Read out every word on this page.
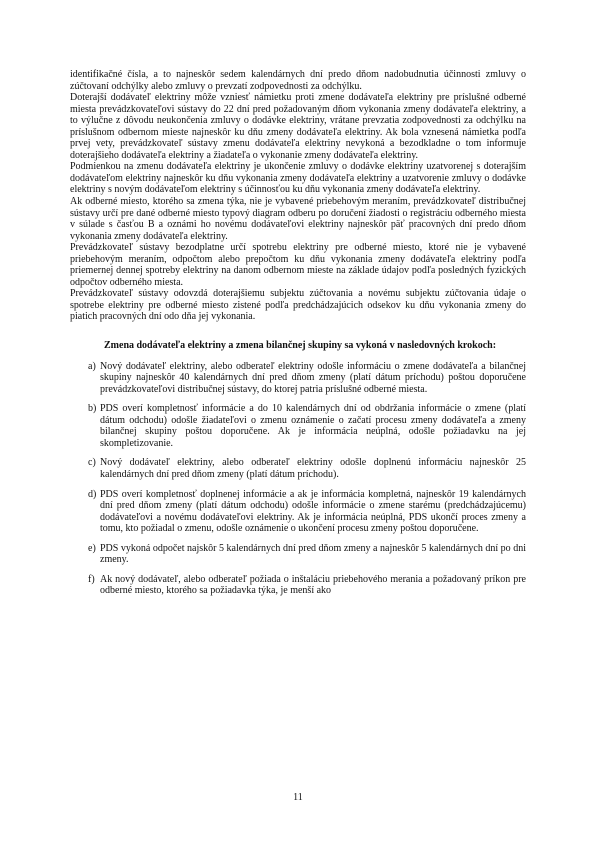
identifikačné čísla, a to najneskôr sedem kalendárnych dní predo dňom nadobudnutia účinnosti zmluvy o zúčtovaní odchýlky alebo zmluvy o prevzatí zodpovednosti za odchýlku.

Doterajší dodávateľ elektriny môže vzniesť námietku proti zmene dodávateľa elektriny pre príslušné odberné miesta prevádzkovateľovi sústavy do 22 dní pred požadovaným dňom vykonania zmeny dodávateľa elektriny, a to výlučne z dôvodu neukončenia zmluvy o dodávke elektriny, vrátane prevzatia zodpovednosti za odchýlku na príslušnom odbernom mieste najneskôr ku dňu zmeny dodávateľa elektriny. Ak bola vznesená námietka podľa prvej vety, prevádzkovateľ sústavy zmenu dodávateľa elektriny nevykoná a bezodkladne o tom informuje doterajšieho dodávateľa elektriny a žiadateľa o vykonanie zmeny dodávateľa elektriny.

Podmienkou na zmenu dodávateľa elektriny je ukončenie zmluvy o dodávke elektriny uzatvorenej s doterajším dodávateľom elektriny najneskôr ku dňu vykonania zmeny dodávateľa elektriny a uzatvorenie zmluvy o dodávke elektriny s novým dodávateľom elektriny s účinnosťou ku dňu vykonania zmeny dodávateľa elektriny.

Ak odberné miesto, ktorého sa zmena týka, nie je vybavené priebehovým meraním, prevádzkovateľ distribučnej sústavy určí pre dané odberné miesto typový diagram odberu po doručení žiadosti o registráciu odberného miesta v súlade s časťou B a oznámi ho novému dodávateľovi elektriny najneskôr päť pracovných dní predo dňom vykonania zmeny dodávateľa elektriny.

Prevádzkovateľ sústavy bezodplatne určí spotrebu elektriny pre odberné miesto, ktoré nie je vybavené priebehovým meraním, odpočtom alebo prepočtom ku dňu vykonania zmeny dodávateľa elektriny podľa priemernej dennej spotreby elektriny na danom odbernom mieste na základe údajov podľa posledných fyzických odpočtov odberného miesta.

Prevádzkovateľ sústavy odovzdá doterajšiemu subjektu zúčtovania a novému subjektu zúčtovania údaje o spotrebe elektriny pre odberné miesto zistené podľa predchádzajúcich odsekov ku dňu vykonania zmeny do piatich pracovných dní odo dňa jej vykonania.

Zmena dodávateľa elektriny a zmena bilančnej skupiny sa vykoná v nasledovných krokoch:

a) Nový dodávateľ elektriny, alebo odberateľ elektriny odošle informáciu o zmene dodávateľa a bilančnej skupiny najneskôr 40 kalendárnych dní pred dňom zmeny (platí dátum príchodu) poštou doporučene prevádzkovateľovi distribučnej sústavy, do ktorej patria príslušné odberné miesta.
b) PDS overí kompletnosť informácie a do 10 kalendárnych dní od obdržania informácie o zmene (platí dátum odchodu) odošle žiadateľovi o zmenu oznámenie o začatí procesu zmeny dodávateľa a zmeny bilančnej skupiny poštou doporučene. Ak je informácia neúplná, odošle požiadavku na jej skompletizovanie.
c) Nový dodávateľ elektriny, alebo odberateľ elektriny odošle doplnenú informáciu najneskôr 25 kalendárnych dní pred dňom zmeny (platí dátum príchodu).
d) PDS overí kompletnosť doplnenej informácie a ak je informácia kompletná, najneskôr 19 kalendárnych dní pred dňom zmeny (platí dátum odchodu) odošle informácie o zmene starému (predchádzajúcemu) dodávateľovi a novému dodávateľovi elektriny. Ak je informácia neúplná, PDS ukončí proces zmeny a tomu, kto požiadal o zmenu, odošle oznámenie o ukončení procesu zmeny poštou doporučene.
e) PDS vykoná odpočet najskôr 5 kalendárnych dní pred dňom zmeny a najneskôr 5 kalendárnych dní po dni zmeny.
f) Ak nový dodávateľ, alebo odberateľ požiada o inštaláciu priebehového merania a požadovaný príkon pre odberné miesto, ktorého sa požiadavka týka, je menší ako
11
